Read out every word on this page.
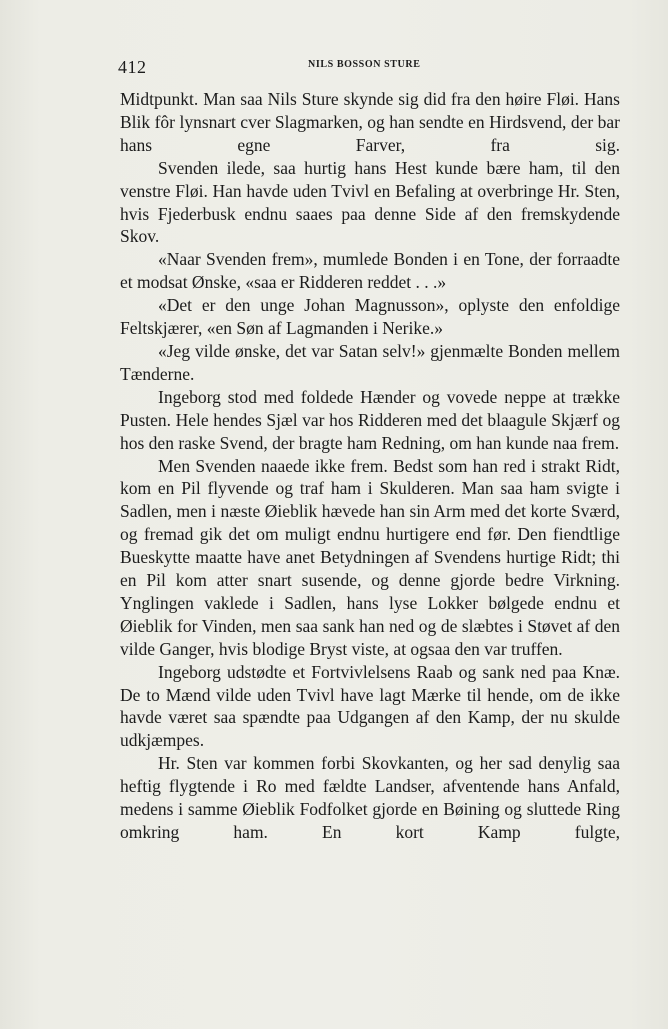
412	NILS BOSSON STURE

Midtpunkt. Man saa Nils Sture skynde sig did fra den høire Fløi. Hans Blik fôr lynsnart cver Slagmarken, og han sendte en Hirdsvend, der bar hans egne Farver, fra sig.

Svenden ilede, saa hurtig hans Hest kunde bære ham, til den venstre Fløi. Han havde uden Tvivl en Befaling at overbringe Hr. Sten, hvis Fjederbusk endnu saaes paa denne Side af den fremskydende Skov.

«Naar Svenden frem», mumlede Bonden i en Tone, der forraadte et modsat Ønske, «saa er Ridderen reddet . . .»

«Det er den unge Johan Magnusson», oplyste den enfoldige Feltskjærer, «en Søn af Lagmanden i Nerike.»

«Jeg vilde ønske, det var Satan selv!» gjenmælte Bonden mellem Tænderne.

Ingeborg stod med foldede Hænder og vovede neppe at trække Pusten. Hele hendes Sjæl var hos Ridderen med det blaagule Skjærf og hos den raske Svend, der bragte ham Redning, om han kunde naa frem.

Men Svenden naaede ikke frem. Bedst som han red i strakt Ridt, kom en Pil flyvende og traf ham i Skulderen. Man saa ham svigte i Sadlen, men i næste Øieblik hævede han sin Arm med det korte Sværd, og fremad gik det om muligt endnu hurtigere end før. Den fiendtlige Bueskytte maatte have anet Betydningen af Svendens hurtige Ridt; thi en Pil kom atter snart susende, og denne gjorde bedre Virkning. Ynglingen vaklede i Sadlen, hans lyse Lokker bølgede endnu et Øieblik for Vinden, men saa sank han ned og de slæbtes i Støvet af den vilde Ganger, hvis blodige Bryst viste, at ogsaa den var truffen.

Ingeborg udstødte et Fortvivlelsens Raab og sank ned paa Knæ. De to Mænd vilde uden Tvivl have lagt Mærke til hende, om de ikke havde været saa spændte paa Udgangen af den Kamp, der nu skulde udkjæmpes.

Hr. Sten var kommen forbi Skovkanten, og her sad denylig saa heftig flygtende i Ro med fældte Landser, afventende hans Anfald, medens i samme Øieblik Fodfolket gjorde en Bøining og sluttede Ring omkring ham. En kort Kamp fulgte,
